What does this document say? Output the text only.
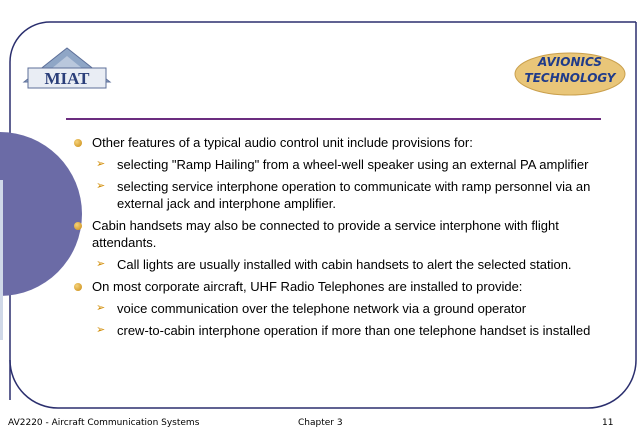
MIAT
AVIONICS
TECHNOLOGY
Other features of a typical audio control unit include provisions for:
➢ selecting "Ramp Hailing" from a wheel‐well speaker using an external PA amplifier
➢ selecting service interphone operation to communicate with ramp personnel via an external jack and interphone amplifier.
Cabin handsets may also be connected to provide a service interphone with flight attendants.
➢ Call lights are usually installed with cabin handsets to alert the selected station.
On most corporate aircraft, UHF Radio Telephones are installed to provide:
➢ voice communication over the telephone network via a ground operator
➢ crew‐to‐cabin interphone operation if more than one telephone handset is installed
AV2220 - Aircraft Communication Systems	Chapter 3	11
